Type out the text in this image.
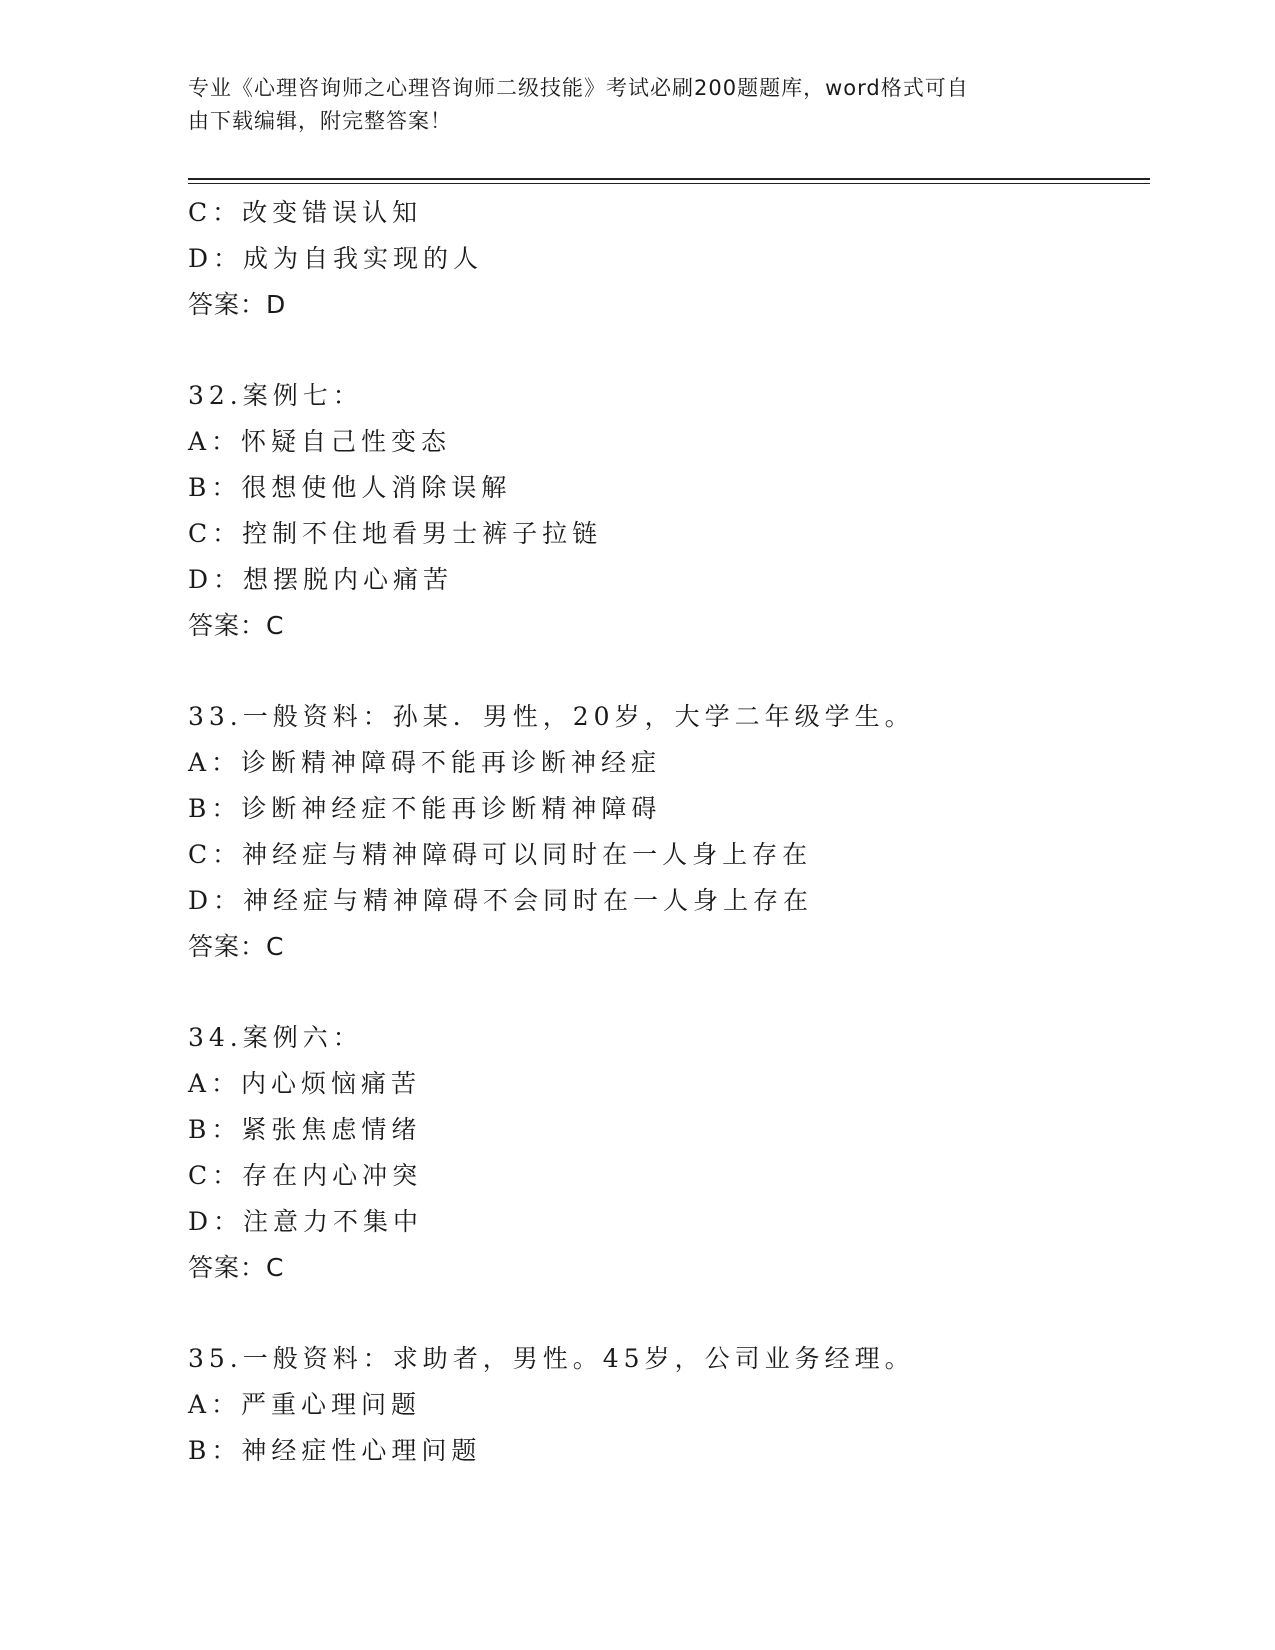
专业《心理咨询师之心理咨询师二级技能》考试必刷200题题库，word格式可自
由下载编辑，附完整答案！
C：改变错误认知
D：成为自我实现的人
答案：D
32.案例七：
A：怀疑自己性变态
B：很想使他人消除误解
C：控制不住地看男士裤子拉链
D：想摆脱内心痛苦
答案：C
33.一般资料：孙某．男性，20岁，大学二年级学生。
A：诊断精神障碍不能再诊断神经症
B：诊断神经症不能再诊断精神障碍
C：神经症与精神障碍可以同时在一人身上存在
D：神经症与精神障碍不会同时在一人身上存在
答案：C
34.案例六：
A：内心烦恼痛苦
B：紧张焦虑情绪
C：存在内心冲突
D：注意力不集中
答案：C
35.一般资料：求助者，男性。45岁，公司业务经理。
A：严重心理问题
B：神经症性心理问题
